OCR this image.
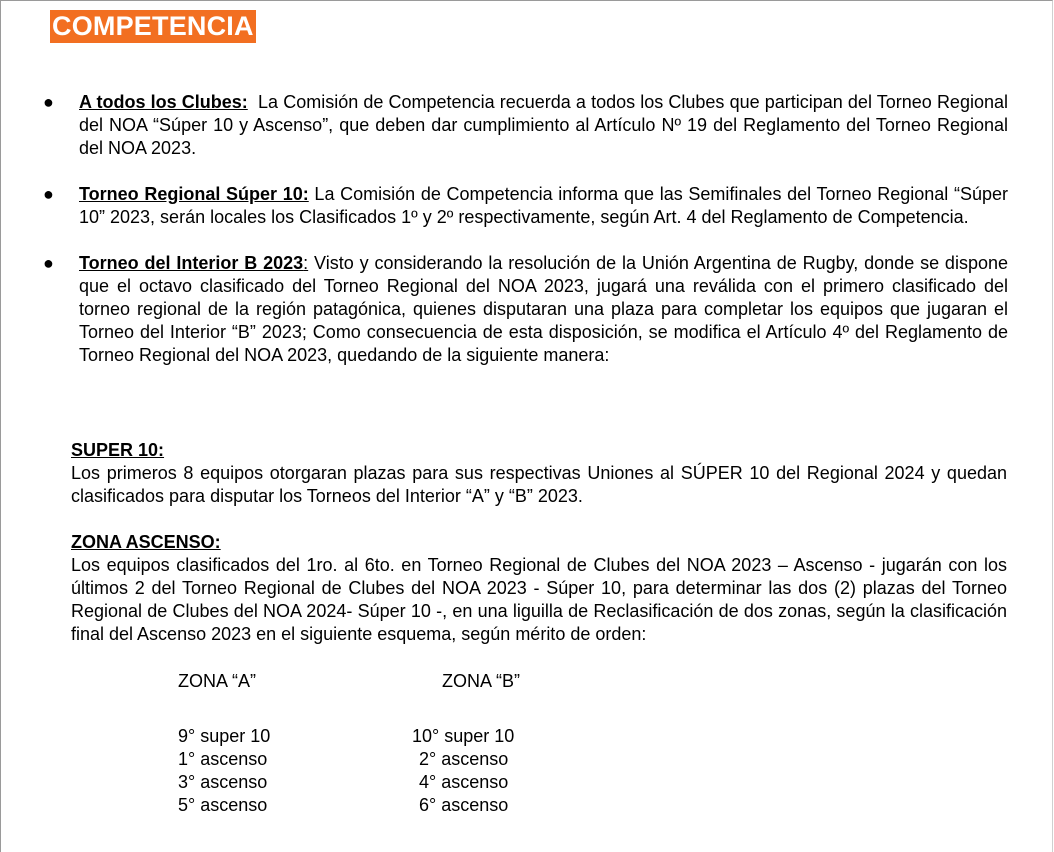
COMPETENCIA
● A todos los Clubes:  La Comisión de Competencia recuerda a todos los Clubes que participan del Torneo Regional del NOA “Súper 10 y Ascenso”, que deben dar cumplimiento al Artículo Nº 19 del Reglamento del Torneo Regional del NOA 2023.
● Torneo Regional Súper 10: La Comisión de Competencia informa que las Semifinales del Torneo Regional “Súper 10” 2023, serán locales los Clasificados 1º y 2º respectivamente, según Art. 4 del Reglamento de Competencia.
● Torneo del Interior B 2023: Visto y considerando la resolución de la Unión Argentina de Rugby, donde se dispone que el octavo clasificado del Torneo Regional del NOA 2023, jugará una reválida con el primero clasificado del torneo regional de la región patagónica, quienes disputaran una plaza para completar los equipos que jugaran el Torneo del Interior “B” 2023; Como consecuencia de esta disposición, se modifica el Artículo 4º del Reglamento de Torneo Regional del NOA 2023, quedando de la siguiente manera:
SUPER 10:
Los primeros 8 equipos otorgaran plazas para sus respectivas Uniones al SÚPER 10 del Regional 2024 y quedan clasificados para disputar los Torneos del Interior “A” y “B” 2023.
ZONA ASCENSO:
Los equipos clasificados del 1ro. al 6to. en Torneo Regional de Clubes del NOA 2023 – Ascenso - jugarán con los últimos 2 del Torneo Regional de Clubes del NOA 2023 - Súper 10, para determinar las dos (2) plazas del Torneo Regional de Clubes del NOA 2024- Súper 10 -, en una liguilla de Reclasificación de dos zonas, según la clasificación final del Ascenso 2023 en el siguiente esquema, según mérito de orden:
ZONA “A”
9° super 10
1° ascenso
3° ascenso
5° ascenso
ZONA “B”
10° super 10
2° ascenso
4° ascenso
6° ascenso
